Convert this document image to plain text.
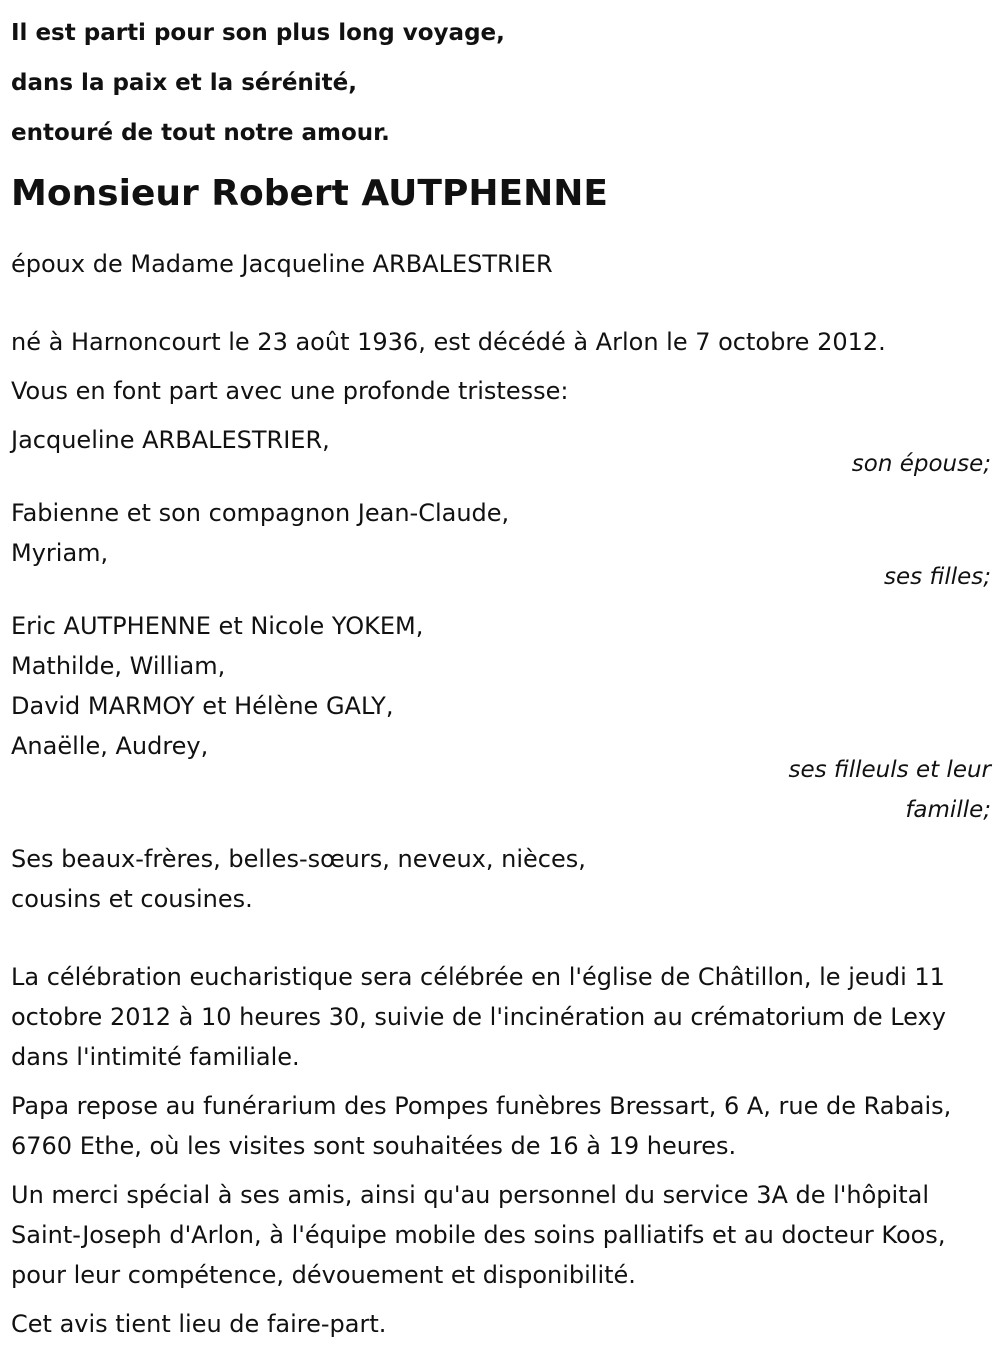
Il est parti pour son plus long voyage,
dans la paix et la sérénité,
entouré de tout notre amour.
Monsieur Robert AUTPHENNE
époux de Madame Jacqueline ARBALESTRIER
né à Harnoncourt le 23 août 1936, est décédé à Arlon le 7 octobre 2012.
Vous en font part avec une profonde tristesse:
Jacqueline ARBALESTRIER,
son épouse;
Fabienne et son compagnon Jean-Claude,
Myriam,
ses filles;
Eric AUTPHENNE et Nicole YOKEM,
Mathilde, William,
David MARMOY et Hélène GALY,
Anaëlle, Audrey,
ses filleuls et leur famille;
Ses beaux-frères, belles-sœurs, neveux, nièces,
cousins et cousines.
La célébration eucharistique sera célébrée en l'église de Châtillon, le jeudi 11 octobre 2012 à 10 heures 30, suivie de l'incinération au crématorium de Lexy dans l'intimité familiale.
Papa repose au funérarium des Pompes funèbres Bressart, 6 A, rue de Rabais, 6760 Ethe, où les visites sont souhaitées de 16 à 19 heures.
Un merci spécial à ses amis, ainsi qu'au personnel du service 3A de l'hôpital Saint-Joseph d'Arlon, à l'équipe mobile des soins palliatifs et au docteur Koos, pour leur compétence, dévouement et disponibilité.
Cet avis tient lieu de faire-part.
